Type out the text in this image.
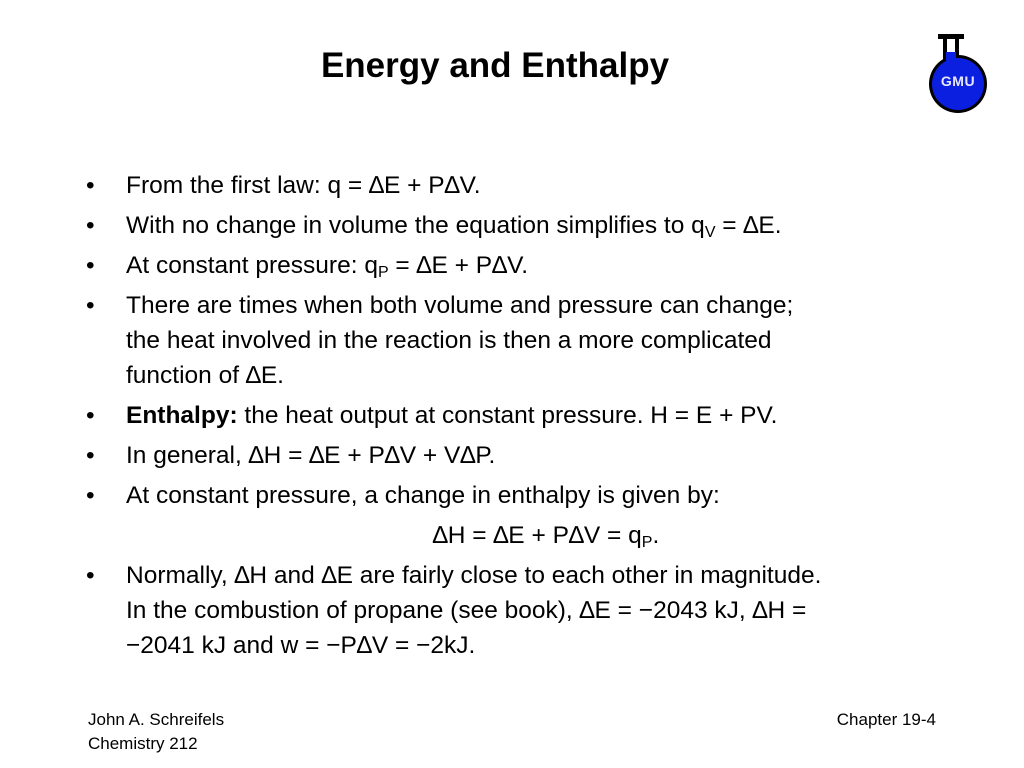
Energy and Enthalpy	GMU
• From the first law: q = ∆E + P∆V.
• With no change in volume the equation simplifies to $q_V = \Delta E$.
• At constant pressure: $q_P = \Delta E + P\Delta V$.
• There are times when both volume and pressure can change;
the heat involved in the reaction is then a more complicated
function of ∆E.
• Enthalpy: the heat output at constant pressure. H = E + PV.
• In general, ∆H = ∆E + P∆V + V∆P.
• At constant pressure, a change in enthalpy is given by:
$\Delta H = \Delta E + P\Delta V = q_P$.
• Normally, ∆H and ∆E are fairly close to each other in magnitude.
In the combustion of propane (see book), ∆E = −2043 kJ, ∆H =
−2041 kJ and w = −P∆V = −2kJ.
John A. Schreifels
Chemistry 212
Chapter 19-4
